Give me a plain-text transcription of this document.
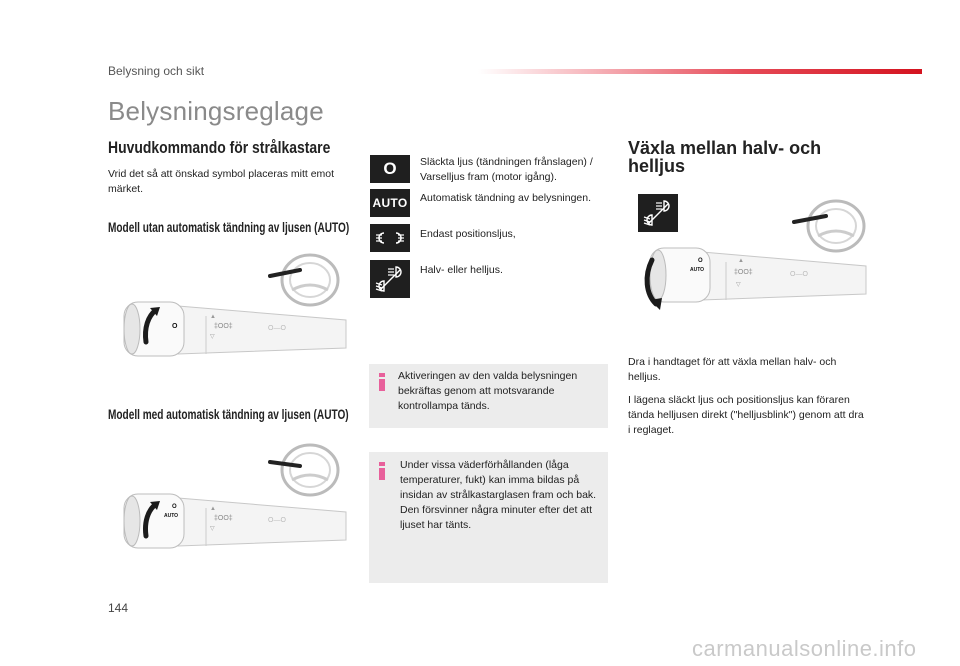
Belysning och sikt
Belysningsreglage
Huvudkommando för strålkastare
Vrid det så att önskad symbol placeras mitt emot märket.
Modell utan automatisk tändning av ljusen (AUTO)
O	‡OO‡
▲
▽
O—O
Modell med automatisk tändning av ljusen (AUTO)
O
AUTO	‡OO‡
▲
▽
O—O
O Släckta ljus (tändningen frånslagen) / Varselljus fram (motor igång).
AUTO Automatisk tändning av belysningen.
Endast positionsljus,
Halv- eller helljus.
Aktiveringen av den valda belysningen bekräftas genom att motsvarande kontrollampa tänds.
Under vissa väderförhållanden (låga temperaturer, fukt) kan imma bildas på insidan av strålkastarglasen fram och bak. Den försvinner några minuter efter det att ljuset har tänts.
Växla mellan halv- och helljus
O
AUTO	‡OO‡
▲
▽
O—O
Dra i handtaget för att växla mellan halv- och helljus.
I lägena släckt ljus och positionsljus kan föraren tända helljusen direkt ("helljusblink") genom att dra i reglaget.
144
carmanualsonline.info
